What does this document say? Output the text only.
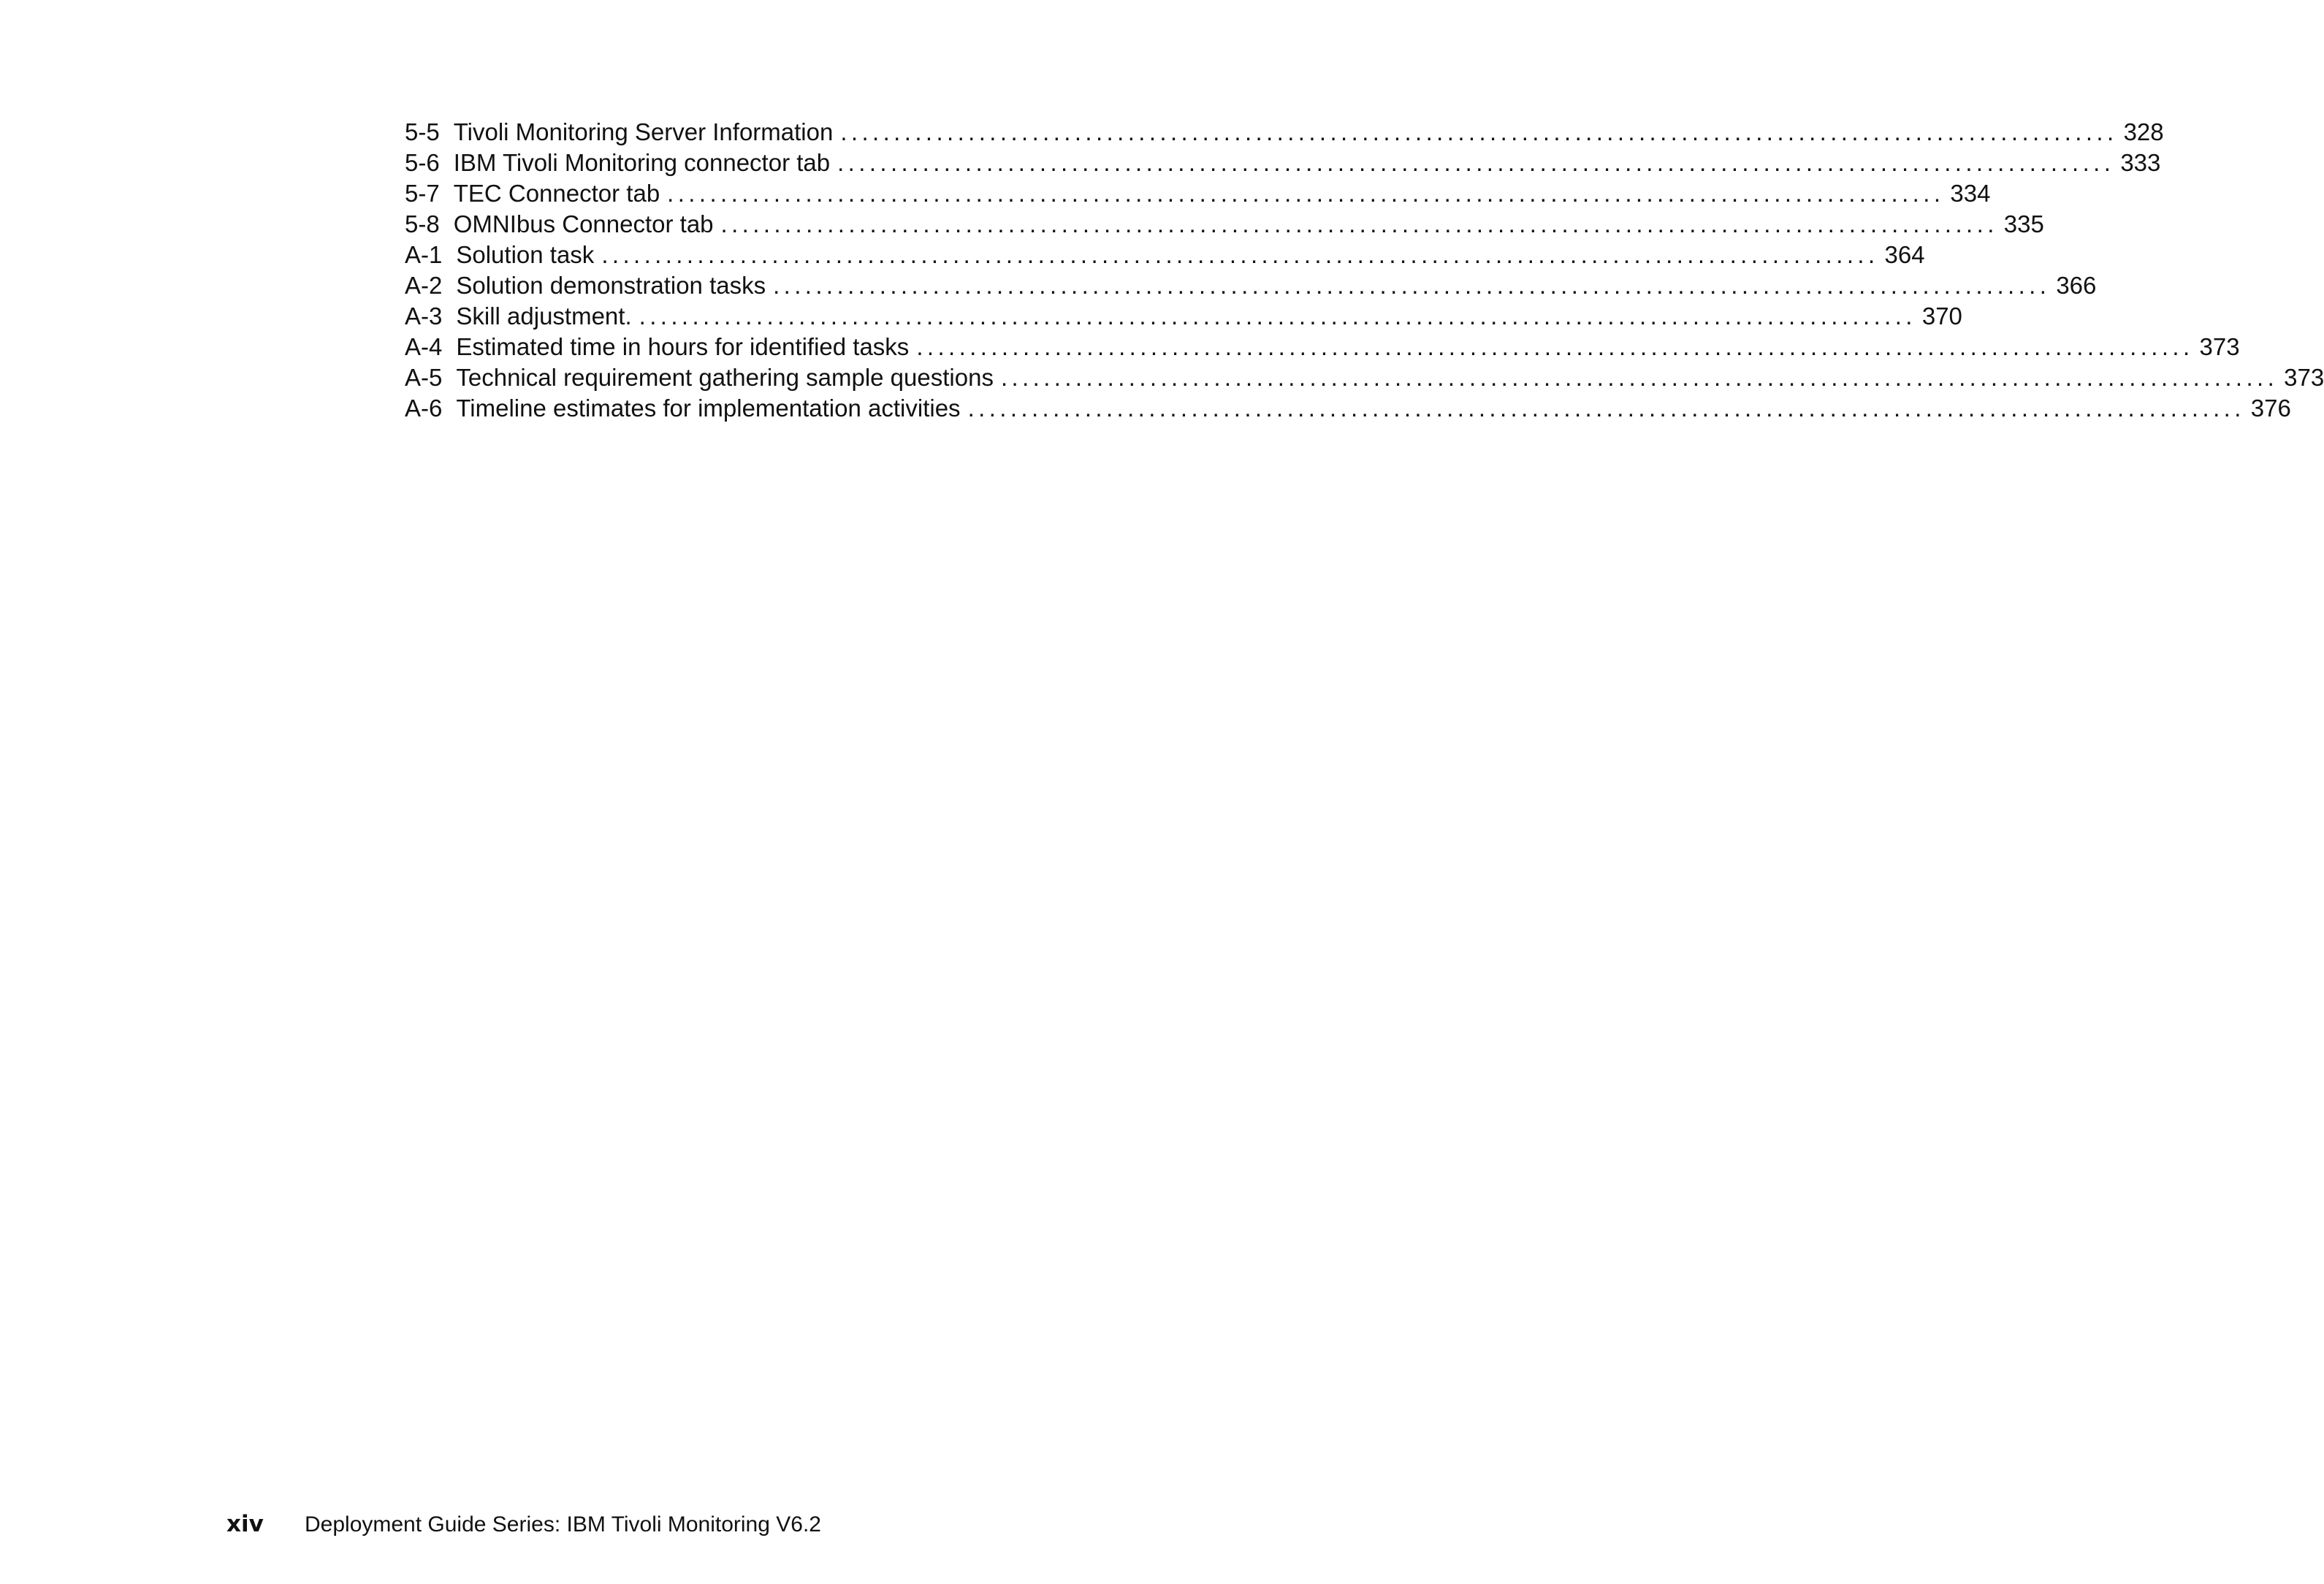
5-5 Tivoli Monitoring Server Information ........................................................................................................................ 328
5-6 IBM Tivoli Monitoring connector tab ........................................................................................................................ 333
5-7 TEC Connector tab ........................................................................................................................ 334
5-8 OMNIbus Connector tab ........................................................................................................................ 335
A-1 Solution task ........................................................................................................................ 364
A-2 Solution demonstration tasks ........................................................................................................................ 366
A-3 Skill adjustment. ........................................................................................................................ 370
A-4 Estimated time in hours for identified tasks ........................................................................................................................ 373
A-5 Technical requirement gathering sample questions ........................................................................................................................ 373
A-6 Timeline estimates for implementation activities ........................................................................................................................ 376
xiv	Deployment Guide Series: IBM Tivoli Monitoring V6.2
